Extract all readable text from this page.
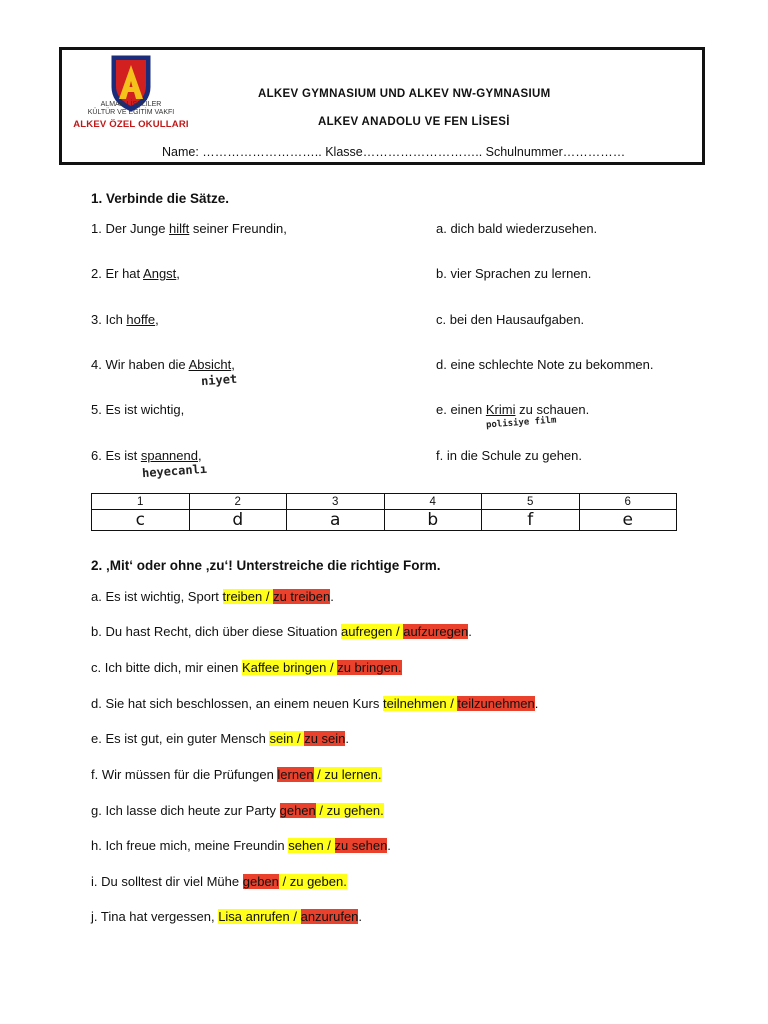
ALMAN LİSELİLER
KÜLTÜR VE EĞİTİM VAKFI
ALKEV ÖZEL OKULLARI
ALKEV GYMNASIUM UND ALKEV NW-GYMNASIUM
ALKEV ANADOLU VE FEN LİSESİ
Name: ……………………….. Klasse……………………….. Schulnummer……………
1. Verbinde die Sätze.
1. Der Junge hilft seiner Freundin,
2. Er hat Angst,
3. Ich hoffe,
4. Wir haben die Absicht,
5. Es ist wichtig,
6. Es ist spannend,
a. dich bald wiederzusehen.
b. vier Sprachen zu lernen.
c. bei den Hausaufgaben.
d. eine schlechte Note zu bekommen.
e. einen Krimi zu schauen.
f. in die Schule zu gehen.
niyet
polisiye film
heyecanlı
1	2	3	4	5	6
c	d	a	b	f	e
2. ‚Mit‘ oder ohne ‚zu‘! Unterstreiche die richtige Form.
a. Es ist wichtig, Sport treiben / zu treiben.
b. Du hast Recht, dich über diese Situation aufregen / aufzuregen.
c. Ich bitte dich, mir einen Kaffee bringen / zu bringen.
d. Sie hat sich beschlossen, an einem neuen Kurs teilnehmen / teilzunehmen.
e. Es ist gut, ein guter Mensch sein / zu sein.
f. Wir müssen für die Prüfungen lernen / zu lernen.
g. Ich lasse dich heute zur Party gehen / zu gehen.
h. Ich freue mich, meine Freundin sehen / zu sehen.
i. Du solltest dir viel Mühe geben / zu geben.
j. Tina hat vergessen, Lisa anrufen / anzurufen.
